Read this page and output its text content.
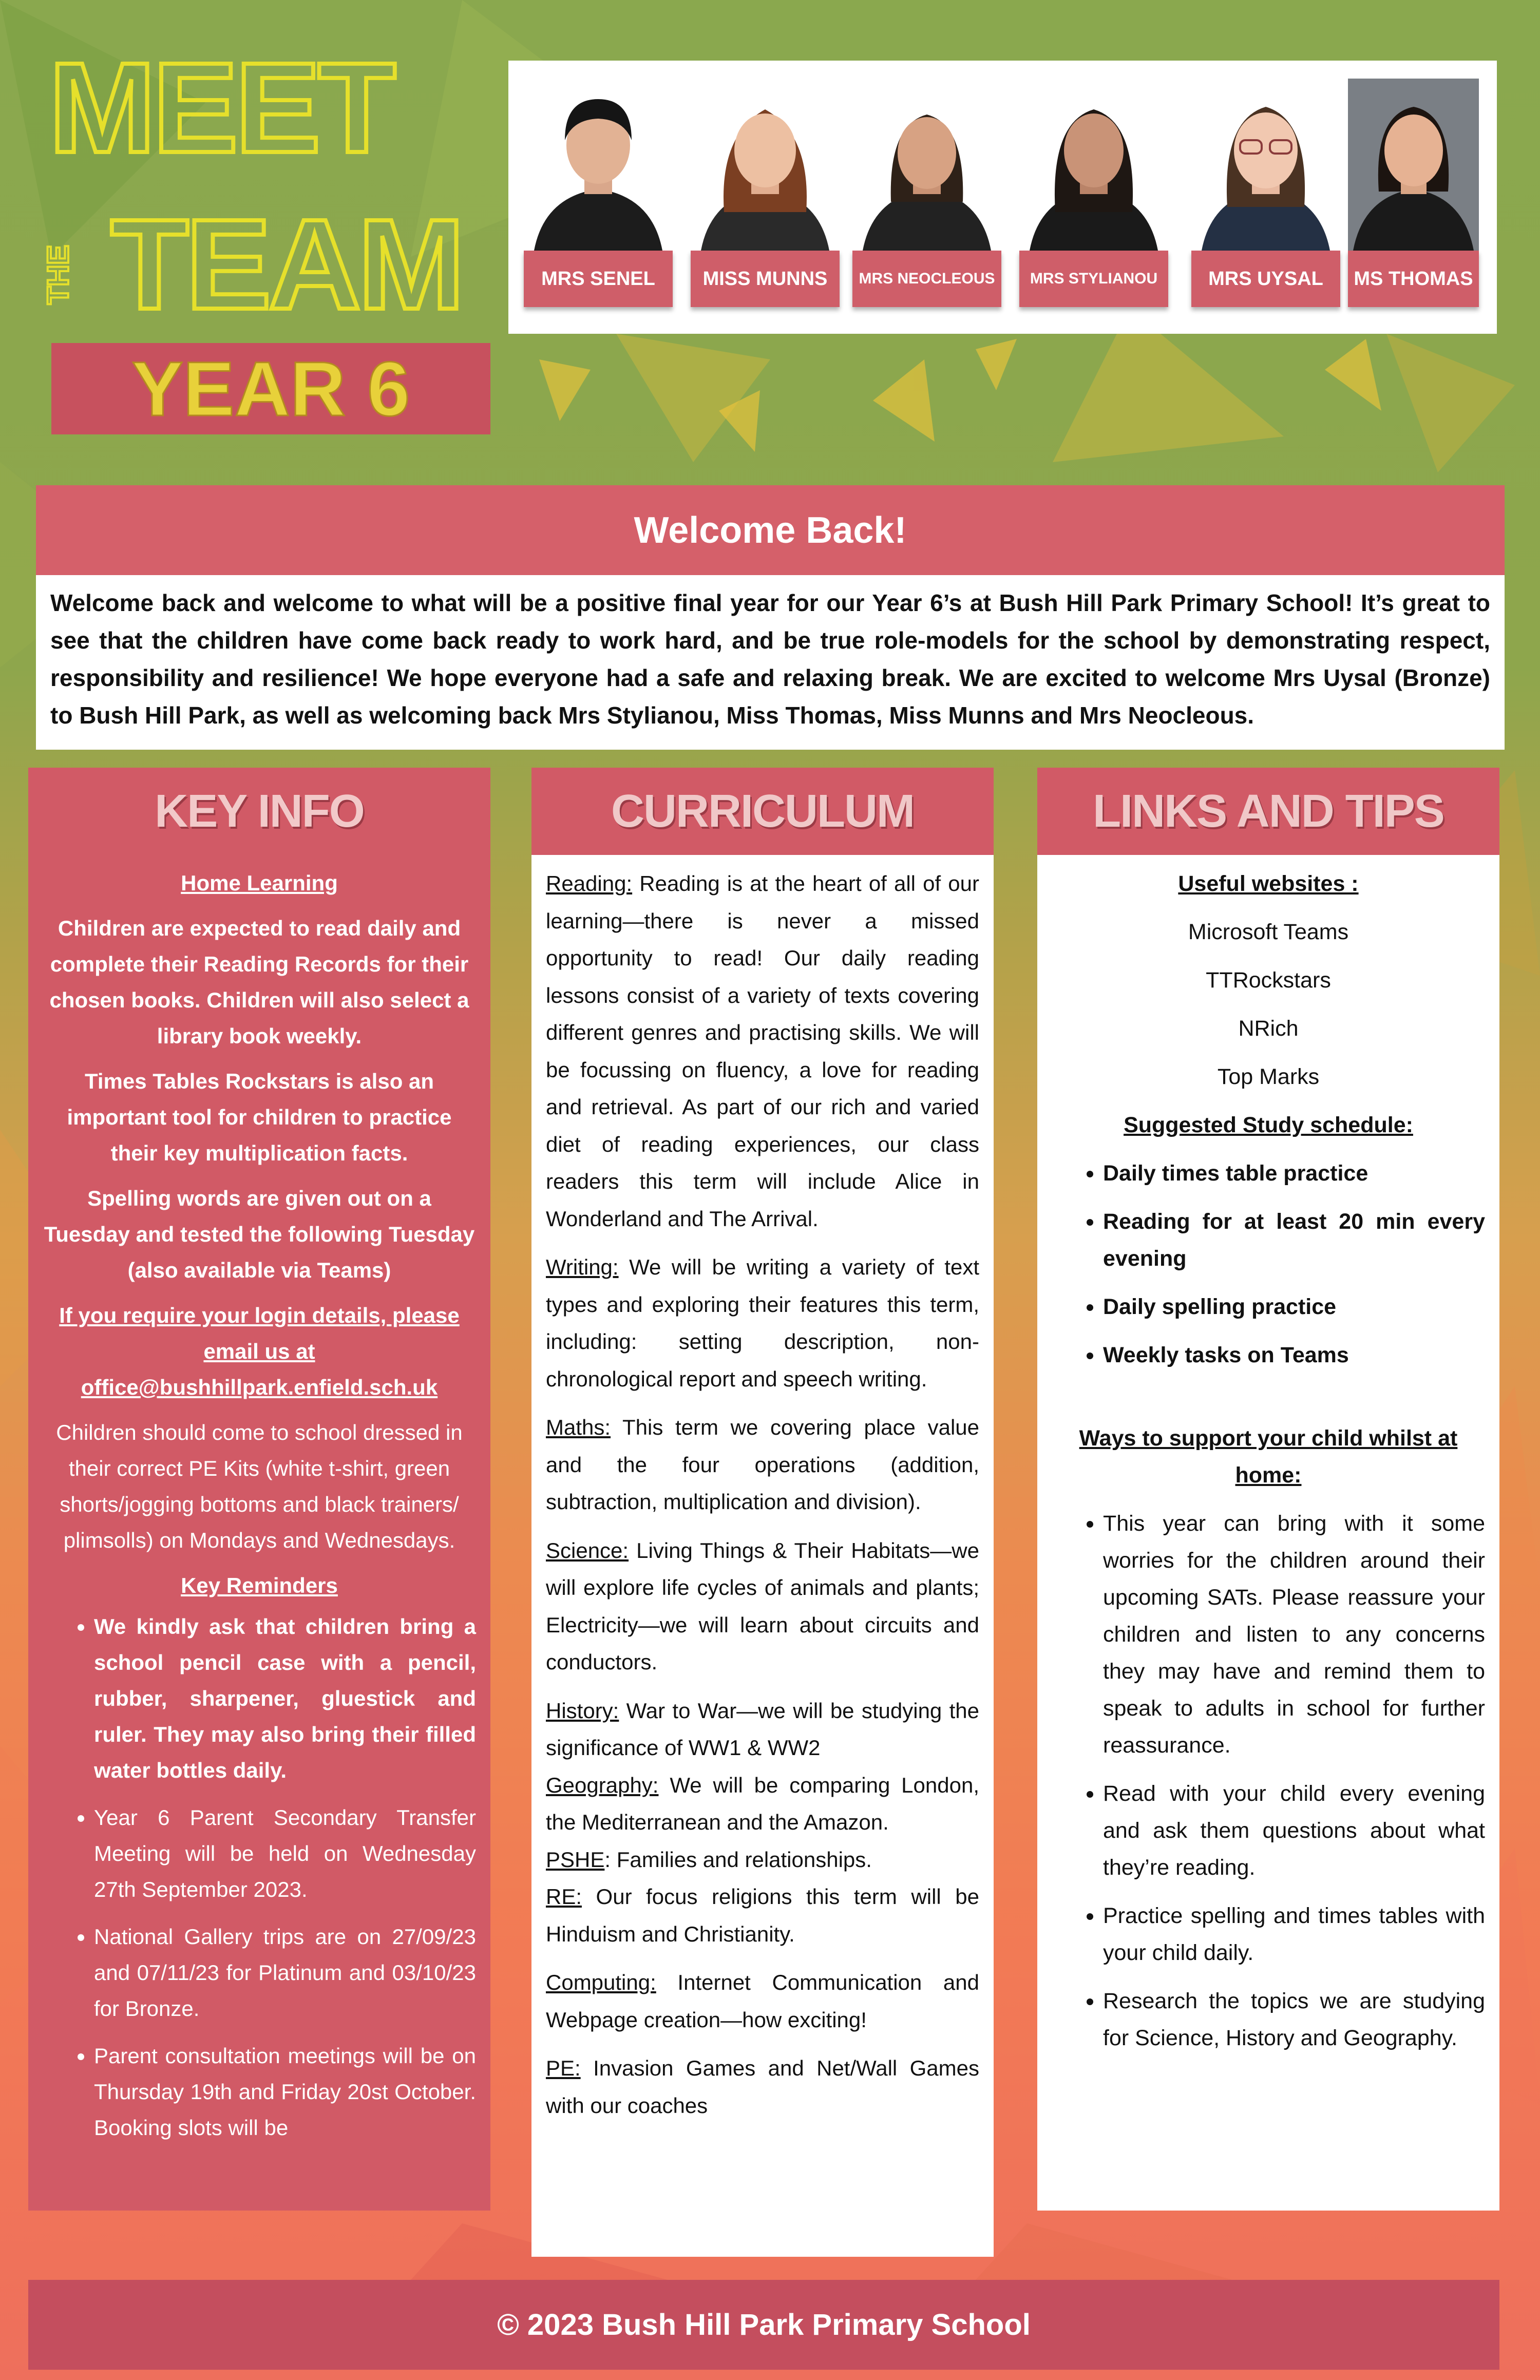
MEET
THE TEAM
YEAR 6
MRS SENEL	MISS MUNNS	MRS NEOCLEOUS	MRS STYLIANOU	MRS UYSAL	MS THOMAS
Welcome Back!
Welcome back and welcome to what will be a positive final year for our Year 6’s at Bush Hill Park Primary School! It’s great to see that the children have come back ready to work hard, and be true role-models for the school by demonstrating respect, responsibility and resilience! We hope everyone had a safe and relaxing break. We are excited to welcome Mrs Uysal (Bronze) to Bush Hill Park, as well as welcoming back Mrs Stylianou, Miss Thomas, Miss Munns and Mrs Neocleous.
KEY INFO

Home Learning

Children are expected to read daily and complete their Reading Records for their chosen books. Children will also select a library book weekly.

Times Tables Rockstars is also an important tool for children to practice their key multiplication facts.

Spelling words are given out on a Tuesday and tested the following Tuesday (also available via Teams)

If you require your login details, please email us at office@bushhillpark.enfield.sch.uk

Children should come to school dressed in their correct PE Kits (white t-shirt, green shorts/jogging bottoms and black trainers/ plimsolls) on Mondays and Wednesdays.

Key Reminders

• We kindly ask that children bring a school pencil case with a pencil, rubber, sharpener, gluestick and ruler. They may also bring their filled water bottles daily.
• Year 6 Parent Secondary Transfer Meeting will be held on Wednesday 27th September 2023.
• National Gallery trips are on 27/09/23 and 07/11/23 for Platinum and 03/10/23 for Bronze.
• Parent consultation meetings will be on Thursday 19th and Friday 20st October. Booking slots will be
CURRICULUM

Reading: Reading is at the heart of all of our learning—there is never a missed opportunity to read! Our daily reading lessons consist of a variety of texts covering different genres and practising skills. We will be focussing on fluency, a love for reading and retrieval. As part of our rich and varied diet of reading experiences, our class readers this term will include Alice in Wonderland and The Arrival.

Writing: We will be writing a variety of text types and exploring their features this term, including: setting description, non-chronological report and speech writing.

Maths: This term we covering place value and the four operations (addition, subtraction, multiplication and division).

Science: Living Things & Their Habitats—we will explore life cycles of animals and plants; Electricity—we will learn about circuits and conductors.

History: War to War—we will be studying the significance of WW1 & WW2

Geography: We will be comparing London, the Mediterranean and the Amazon.

PSHE: Families and relationships.

RE: Our focus religions this term will be Hinduism and Christianity.

Computing: Internet Communication and Webpage creation—how exciting!

PE: Invasion Games and Net/Wall Games with our coaches

LINKS AND TIPS

Useful websites :

Microsoft Teams

TTRockstars

NRich

Top Marks

Suggested Study schedule:

• Daily times table practice
• Reading for at least 20 min every evening
• Daily spelling practice
• Weekly tasks on Teams

Ways to support your child whilst at home:

• This year can bring with it some worries for the children around their upcoming SATs. Please reassure your children and listen to any concerns they may have and remind them to speak to adults in school for further reassurance.
• Read with your child every evening and ask them questions about what they’re reading.
• Practice spelling and times tables with your child daily.
• Research the topics we are studying for Science, History and Geography.
© 2023 Bush Hill Park Primary School
